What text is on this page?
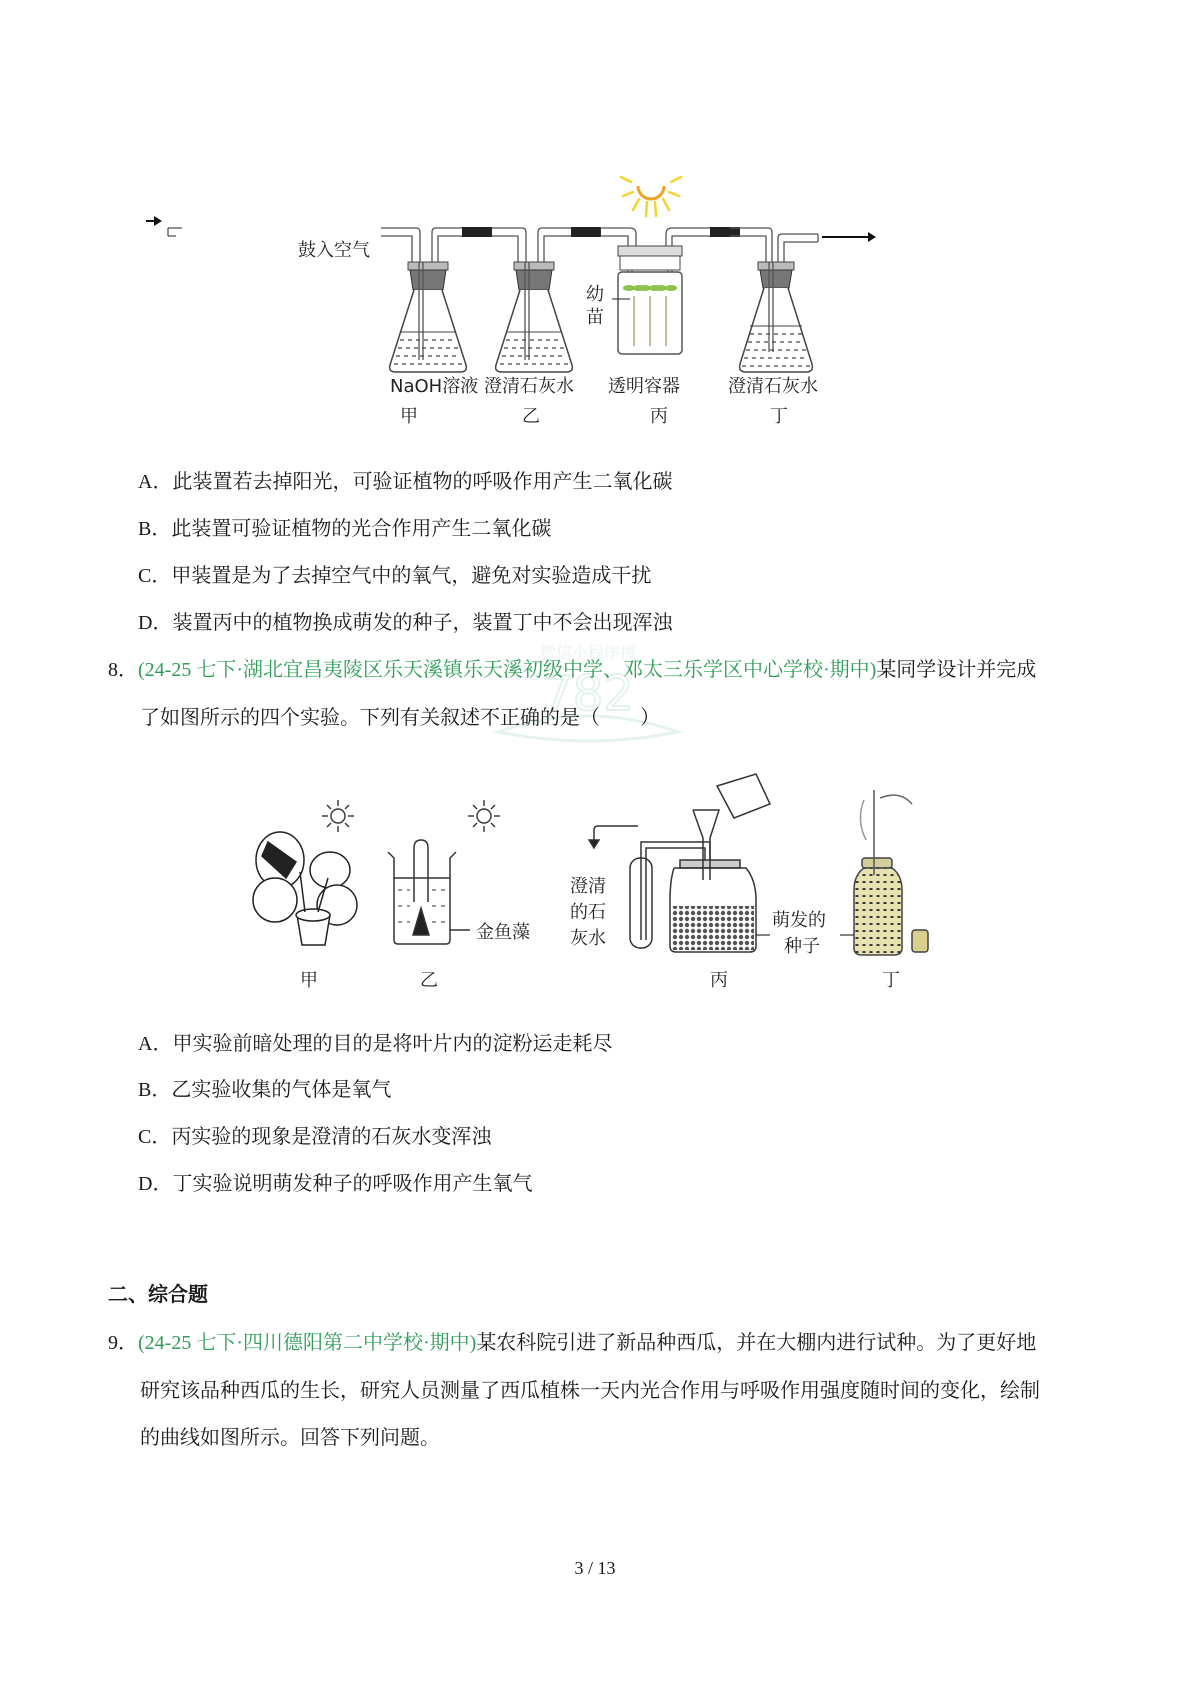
鼓入空气
幼
苗
NaOH溶液 澄清石灰水 透明容器	澄清石灰水
甲	乙	丙	丁
A．此装置若去掉阳光，可验证植物的呼吸作用产生二氧化碳
B．此装置可验证植物的光合作用产生二氧化碳
C．甲装置是为了去掉空气中的氧气，避免对实验造成干扰
D．装置丙中的植物换成萌发的种子，装置丁中不会出现浑浊
微信小程序搜
782
8．(24-25 七下·湖北宜昌夷陵区乐天溪镇乐天溪初级中学、邓太三乐学区中心学校·期中)某同学设计并完成
了如图所示的四个实验。下列有关叙述不正确的是（　　）
金鱼藻
澄清
的石
灰水
萌发的
种子
甲	乙	丙	丁
A．甲实验前暗处理的目的是将叶片内的淀粉运走耗尽
B．乙实验收集的气体是氧气
C．丙实验的现象是澄清的石灰水变浑浊
D．丁实验说明萌发种子的呼吸作用产生氧气
二、综合题
9．(24-25 七下·四川德阳第二中学校·期中)某农科院引进了新品种西瓜，并在大棚内进行试种。为了更好地
研究该品种西瓜的生长，研究人员测量了西瓜植株一天内光合作用与呼吸作用强度随时间的变化，绘制
的曲线如图所示。回答下列问题。
3 / 13
